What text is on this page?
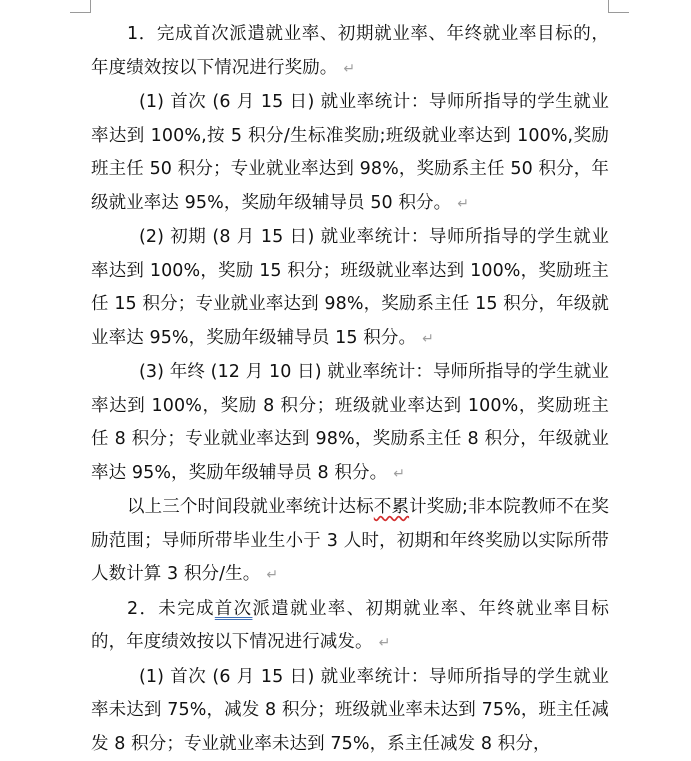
1．完成首次派遣就业率、初期就业率、年终就业率目标的，年度绩效按以下情况进行奖励。 ↵

(1) 首次 (6 月 15 日) 就业率统计：导师所指导的学生就业率达到 100%,按 5 积分/生标准奖励;班级就业率达到 100%,奖励班主任 50 积分；专业就业率达到 98%，奖励系主任 50 积分，年级就业率达 95%，奖励年级辅导员 50 积分。 ↵

(2) 初期 (8 月 15 日) 就业率统计：导师所指导的学生就业率达到 100%，奖励 15 积分；班级就业率达到 100%，奖励班主任 15 积分；专业就业率达到 98%，奖励系主任 15 积分，年级就业率达 95%，奖励年级辅导员 15 积分。 ↵

(3) 年终 (12 月 10 日) 就业率统计：导师所指导的学生就业率达到 100%，奖励 8 积分；班级就业率达到 100%，奖励班主任 8 积分；专业就业率达到 98%，奖励系主任 8 积分，年级就业率达 95%，奖励年级辅导员 8 积分。 ↵

以上三个时间段就业率统计达标不累计奖励;非本院教师不在奖励范围；导师所带毕业生小于 3 人时，初期和年终奖励以实际所带人数计算 3 积分/生。 ↵

2．未完成首次派遣就业率、初期就业率、年终就业率目标的，年度绩效按以下情况进行减发。 ↵

(1) 首次 (6 月 15 日) 就业率统计：导师所指导的学生就业率未达到 75%，减发 8 积分；班级就业率未达到 75%，班主任减发 8 积分；专业就业率未达到 75%，系主任减发 8 积分，
